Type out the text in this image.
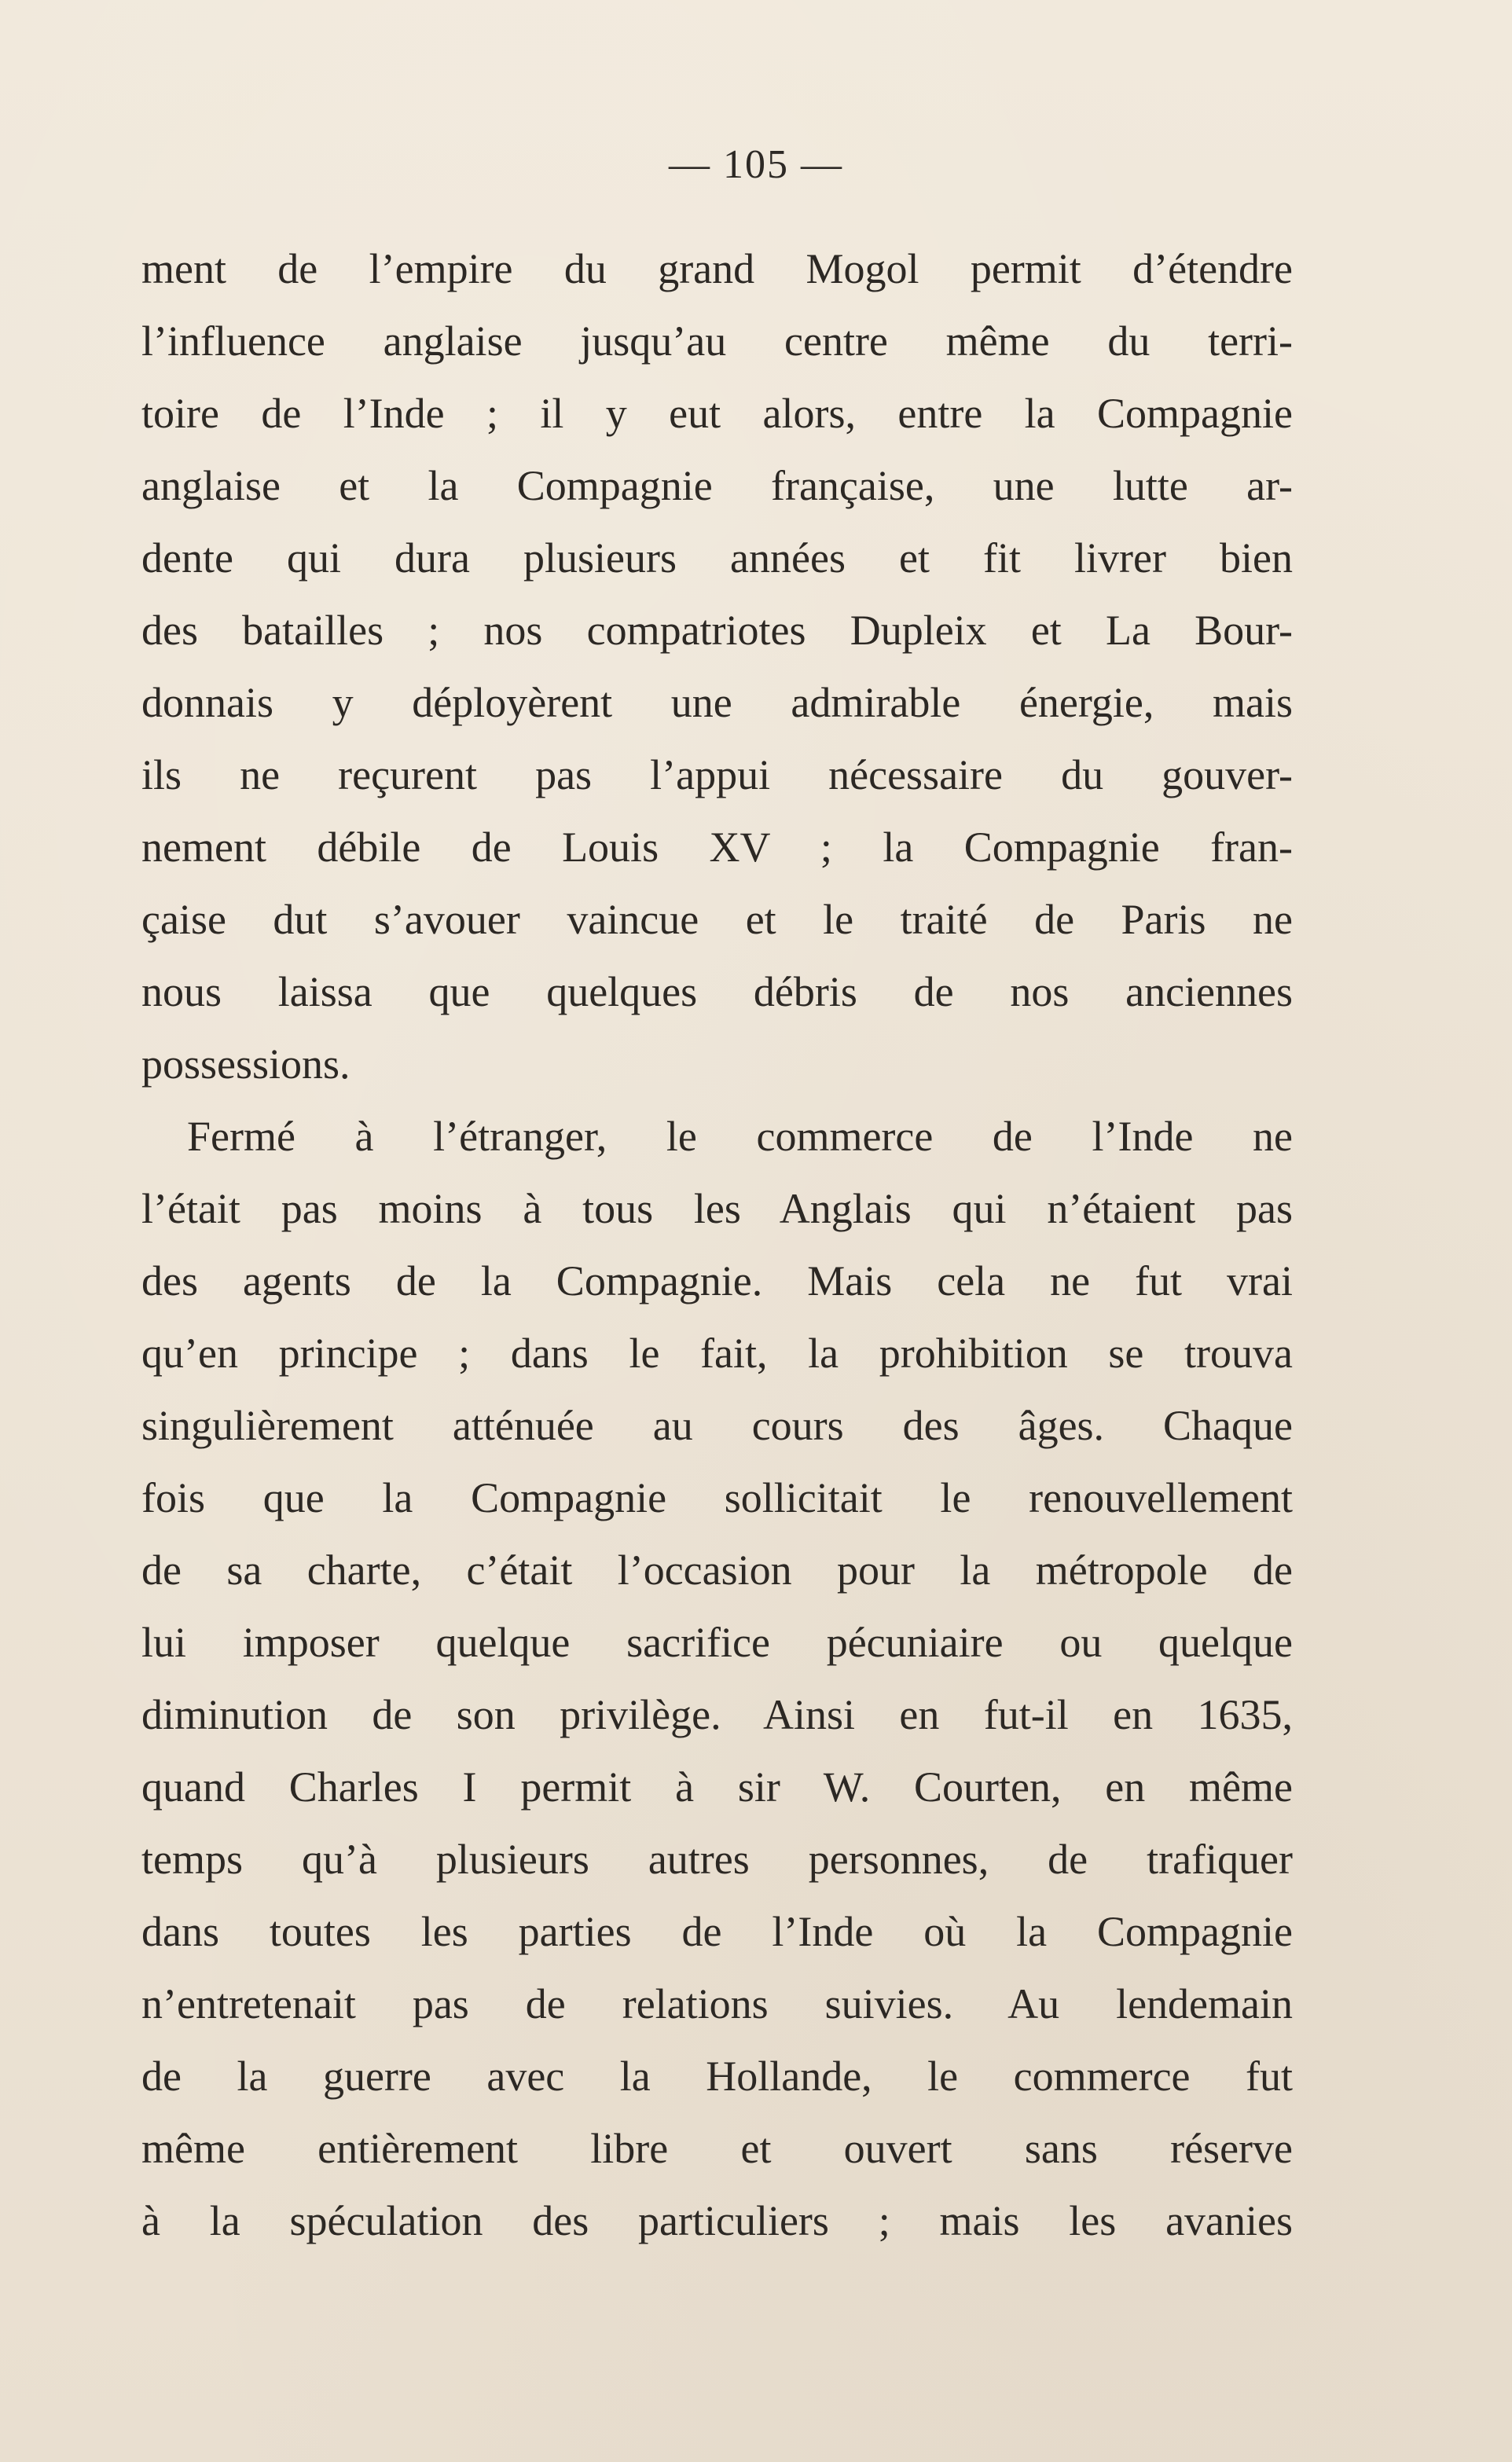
— 105 —
ment de l’empire du grand Mogol permit d’étendre
l’influence anglaise jusqu’au centre même du terri-
toire de l’Inde ; il y eut alors, entre la Compagnie
anglaise et la Compagnie française, une lutte ar-
dente qui dura plusieurs années et fit livrer bien
des batailles ; nos compatriotes Dupleix et La Bour-
donnais y déployèrent une admirable énergie, mais
ils ne reçurent pas l’appui nécessaire du gouver-
nement débile de Louis XV ; la Compagnie fran-
çaise dut s’avouer vaincue et le traité de Paris ne
nous laissa que quelques débris de nos anciennes
possessions.
Fermé à l’étranger, le commerce de l’Inde ne
l’était pas moins à tous les Anglais qui n’étaient pas
des agents de la Compagnie. Mais cela ne fut vrai
qu’en principe ; dans le fait, la prohibition se trouva
singulièrement atténuée au cours des âges. Chaque
fois que la Compagnie sollicitait le renouvellement
de sa charte, c’était l’occasion pour la métropole de
lui imposer quelque sacrifice pécuniaire ou quelque
diminution de son privilège. Ainsi en fut-il en 1635,
quand Charles I permit à sir W. Courten, en même
temps qu’à plusieurs autres personnes, de trafiquer
dans toutes les parties de l’Inde où la Compagnie
n’entretenait pas de relations suivies. Au lendemain
de la guerre avec la Hollande, le commerce fut
même entièrement libre et ouvert sans réserve
à la spéculation des particuliers ; mais les avanies
